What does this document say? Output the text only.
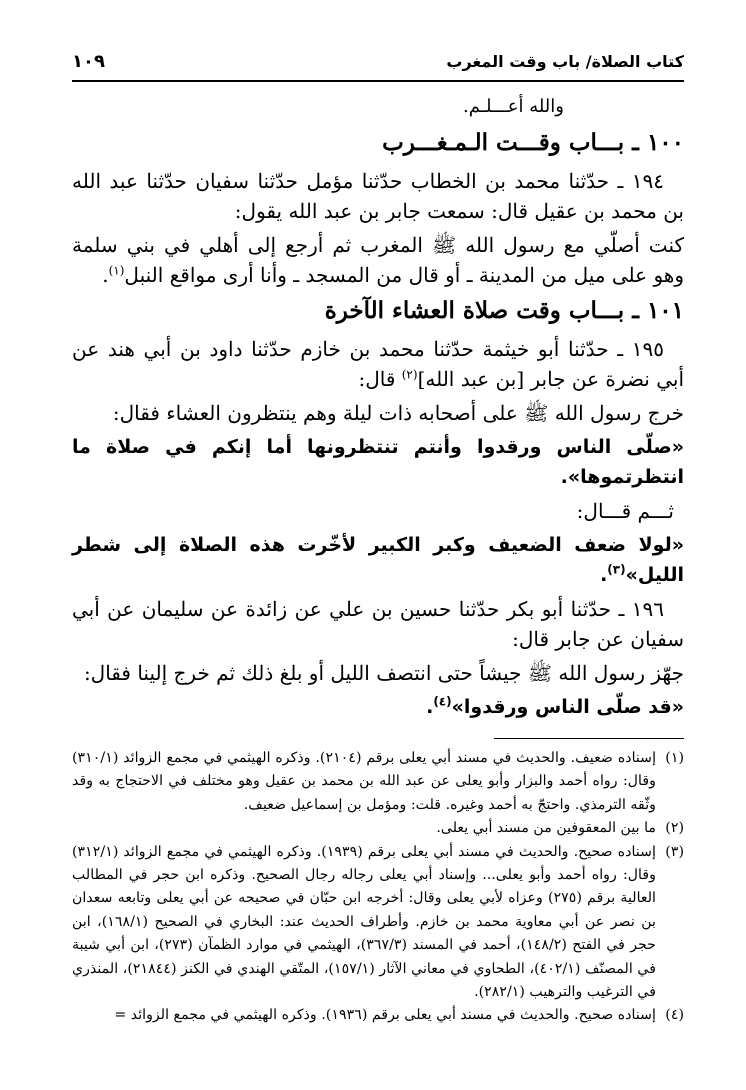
كتاب الصلاة/ باب وقت المغرب
١٠٩

والله أعـــلـم.

١٠٠ ـ بـــاب وقـــت الـمـغـــرب

١٩٤ ـ حدّثنا محمد بن الخطاب حدّثنا مؤمل حدّثنا سفيان حدّثنا عبد الله بن محمد بن عقيل قال: سمعت جابر بن عبد الله يقول:

كنت أصلّي مع رسول الله ﷺ المغرب ثم أرجع إلى أهلي في بني سلمة وهو على ميل من المدينة ـ أو قال من المسجد ـ وأنا أرى مواقع النبل$^{(١)}$.

١٠١ ـ بـــاب وقت صلاة العشاء الآخرة

١٩٥ ـ حدّثنا أبو خيثمة حدّثنا محمد بن خازم حدّثنا داود بن أبي هند عن أبي نضرة عن جابر [بن عبد الله]$^{(٢)}$ قال:

خرج رسول الله ﷺ على أصحابه ذات ليلة وهم ينتظرون العشاء فقال:

«صلّى الناس ورقدوا وأنتم تنتظرونها أما إنكم في صلاة ما انتظرتموها».

ثـــم قـــال:

«لولا ضعف الضعيف وكبر الكبير لأخّرت هذه الصلاة إلى شطر الليل»$^{(٣)}$.

١٩٦ ـ حدّثنا أبو بكر حدّثنا حسين بن علي عن زائدة عن سليمان عن أبي سفيان عن جابر قال:

جهّز رسول الله ﷺ جيشاً حتى انتصف الليل أو بلغ ذلك ثم خرج إلينا فقال:

«قد صلّى الناس ورقدوا»$^{(٤)}$.

(١)
إسناده ضعيف. والحديث في مسند أبي يعلى برقم (٢١٠٤). وذكره الهيثمي في مجمع الزوائد (٣١٠/١) وقال: رواه أحمد والبزار وأبو يعلى عن عبد الله بن محمد بن عقيل وهو مختلف في الاحتجاج به وقد وثّقه الترمذي. واحتجّ به أحمد وغيره. قلت: ومؤمل بن إسماعيل ضعيف.

(٢)
ما بين المعقوفين من مسند أبي يعلى.

(٣)
إسناده صحيح. والحديث في مسند أبي يعلى برقم (١٩٣٩). وذكره الهيثمي في مجمع الزوائد (٣١٢/١) وقال: رواه أحمد وأبو يعلى... وإسناد أبي يعلى رجاله رجال الصحيح. وذكره ابن حجر في المطالب العالية برقم (٢٧٥) وعزاه لأبي يعلى وقال: أخرجه ابن حبّان في صحيحه عن أبي يعلى وتابعه سعدان بن نصر عن أبي معاوية محمد بن خازم. وأطراف الحديث عند: البخاري في الصحيح (١٦٨/١)، ابن حجر في الفتح (١٤٨/٢)، أحمد في المسند (٣٦٧/٣)، الهيثمي في موارد الظمآن (٢٧٣)، ابن أبي شيبة في المصنّف (٤٠٢/١)، الطحاوي في معاني الآثار (١٥٧/١)، المتّقي الهندي في الكنز (٢١٨٤٤)، المنذري في الترغيب والترهيب (٢٨٢/١).

(٤)
إسناده صحيح. والحديث في مسند أبي يعلى برقم (١٩٣٦). وذكره الهيثمي في مجمع الزوائد =
